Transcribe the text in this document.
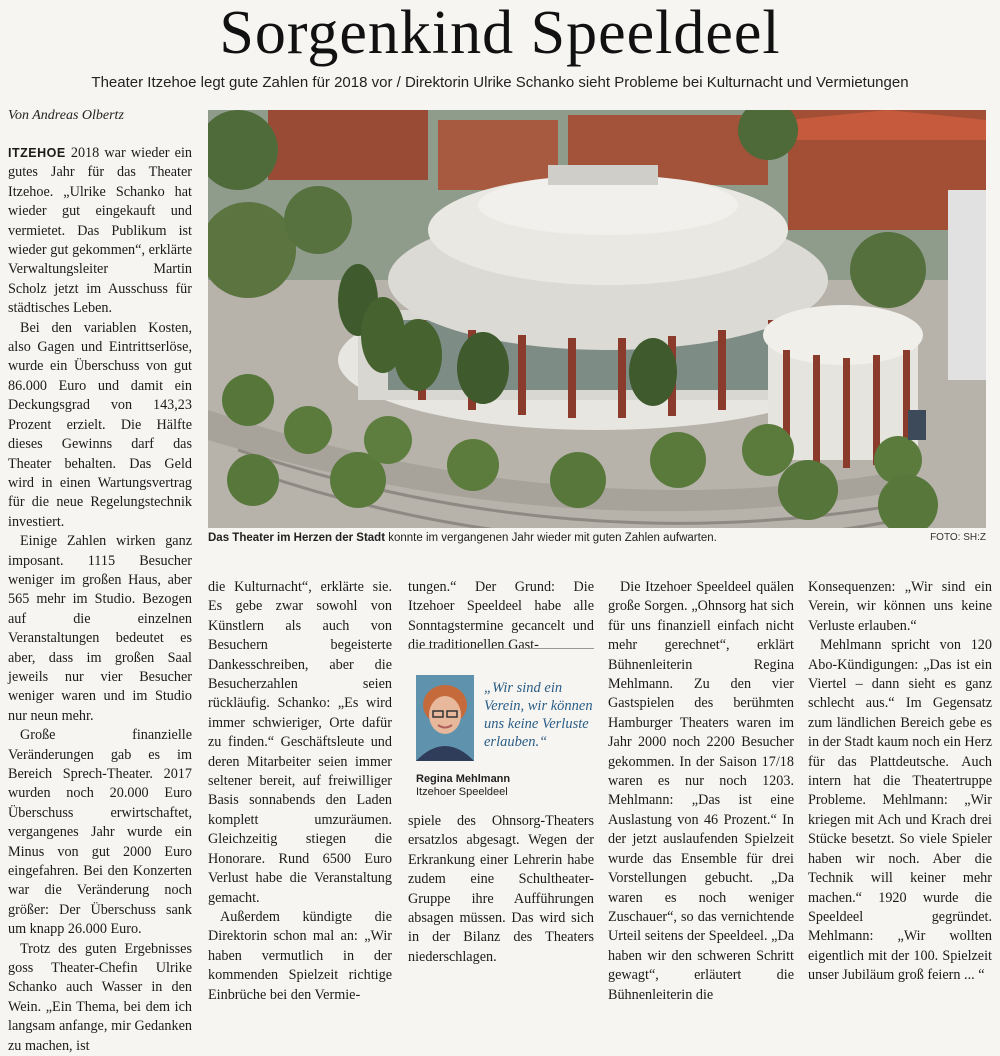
Sorgenkind Speeldeel
Theater Itzehoe legt gute Zahlen für 2018 vor / Direktorin Ulrike Schanko sieht Probleme bei Kulturnacht und Vermietungen
Von Andreas Olbertz
Das Theater im Herzen der Stadt konnte im vergangenen Jahr wieder mit guten Zahlen aufwarten.	FOTO: SH:Z

ITZEHOE 2018 war wieder ein gutes Jahr für das Theater Itzehoe. „Ulrike Schanko hat wieder gut eingekauft und vermietet. Das Publikum ist wieder gut gekommen“, erklärte Verwaltungsleiter Martin Scholz jetzt im Ausschuss für städtisches Leben.

Bei den variablen Kosten, also Gagen und Eintrittserlöse, wurde ein Überschuss von gut 86.000 Euro und damit ein Deckungsgrad von 143,23 Prozent erzielt. Die Hälfte dieses Gewinns darf das Theater behalten. Das Geld wird in einen Wartungsvertrag für die neue Regelungstechnik investiert.

Einige Zahlen wirken ganz imposant. 1115 Besucher weniger im großen Haus, aber 565 mehr im Studio. Bezogen auf die einzelnen Veranstaltungen bedeutet es aber, dass im großen Saal jeweils nur vier Besucher weniger waren und im Studio nur neun mehr.

Große finanzielle Veränderungen gab es im Bereich Sprech-Theater. 2017 wurden noch 20.000 Euro Überschuss erwirtschaftet, vergangenes Jahr wurde ein Minus von gut 2000 Euro eingefahren. Bei den Konzerten war die Veränderung noch größer: Der Überschuss sank um knapp 26.000 Euro.

Trotz des guten Ergebnisses goss Theater-Chefin Ulrike Schanko auch Wasser in den Wein. „Ein Thema, bei dem ich langsam anfange, mir Gedanken zu machen, ist

die Kulturnacht“, erklärte sie. Es gebe zwar sowohl von Künstlern als auch von Besuchern begeisterte Dankesschreiben, aber die Besucherzahlen seien rückläufig. Schanko: „Es wird immer schwieriger, Orte dafür zu finden.“ Geschäftsleute und deren Mitarbeiter seien immer seltener bereit, auf freiwilliger Basis sonnabends den Laden komplett umzuräumen. Gleichzeitig stiegen die Honorare. Rund 6500 Euro Verlust habe die Veranstaltung gemacht.

Außerdem kündigte die Direktorin schon mal an: „Wir haben vermutlich in der kommenden Spielzeit richtige Einbrüche bei den Vermie-

tungen.“ Der Grund: Die Itzehoer Speeldeel habe alle Sonntagstermine gecancelt und die traditionellen Gast-

„Wir sind ein Verein, wir können uns keine Verluste erlauben.“
Regina Mehlmann
Itzehoer Speeldeel

spiele des Ohnsorg-Theaters ersatzlos abgesagt. Wegen der Erkrankung einer Lehrerin habe zudem eine Schultheater-Gruppe ihre Aufführungen absagen müssen. Das wird sich in der Bilanz des Theaters niederschlagen.

Die Itzehoer Speeldeel quälen große Sorgen. „Ohnsorg hat sich für uns finanziell einfach nicht mehr gerechnet“, erklärt Bühnenleiterin Regina Mehlmann. Zu den vier Gastspielen des berühmten Hamburger Theaters waren im Jahr 2000 noch 2200 Besucher gekommen. In der Saison 17/18 waren es nur noch 1203. Mehlmann: „Das ist eine Auslastung von 46 Prozent.“ In der jetzt auslaufenden Spielzeit wurde das Ensemble für drei Vorstellungen gebucht. „Da waren es noch weniger Zuschauer“, so das vernichtende Urteil seitens der Speeldeel. „Da haben wir den schweren Schritt gewagt“, erläutert die Bühnenleiterin die

Konsequenzen: „Wir sind ein Verein, wir können uns keine Verluste erlauben.“

Mehlmann spricht von 120 Abo-Kündigungen: „Das ist ein Viertel – dann sieht es ganz schlecht aus.“ Im Gegensatz zum ländlichen Bereich gebe es in der Stadt kaum noch ein Herz für das Plattdeutsche. Auch intern hat die Theatertruppe Probleme. Mehlmann: „Wir kriegen mit Ach und Krach drei Stücke besetzt. So viele Spieler haben wir noch. Aber die Technik will keiner mehr machen.“ 1920 wurde die Speeldeel gegründet. Mehlmann: „Wir wollten eigentlich mit der 100. Spielzeit unser Jubiläum groß feiern ... “
